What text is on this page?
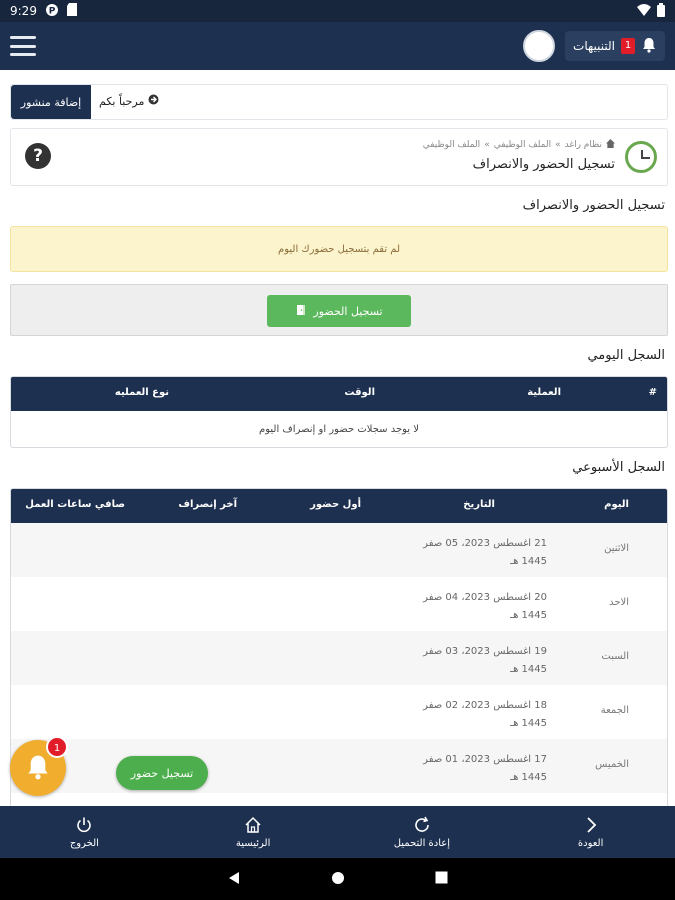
9:29 P
التنبيهات 1
إضافة منشور	مرحباً بكم
نظام راغد
»
الملف الوظيفي
»
الملف الوظيفي
تسجيل الحضور والانصراف
?
تسجيل الحضور والانصراف
لم تقم بتسجيل حضورك اليوم
تسجيل الحضور
السجل اليومي
#
العملية
الوقت
نوع العمليه
لا يوجد سجلات حضور او إنصراف اليوم
السجل الأسبوعي
اليوم
التاريخ
أول حضور
آخر إنصراف
صافي ساعات العمل
الاثنين
21 اغسطس 2023، 05 صفر
1445 هـ
الاحد
20 اغسطس 2023، 04 صفر
1445 هـ
السبت
19 اغسطس 2023، 03 صفر
1445 هـ
الجمعة
18 اغسطس 2023، 02 صفر
1445 هـ
الخميس
17 اغسطس 2023، 01 صفر
1445 هـ
1
تسجيل حضور
العودة
إعادة التحميل
الرئيسية
الخروج
